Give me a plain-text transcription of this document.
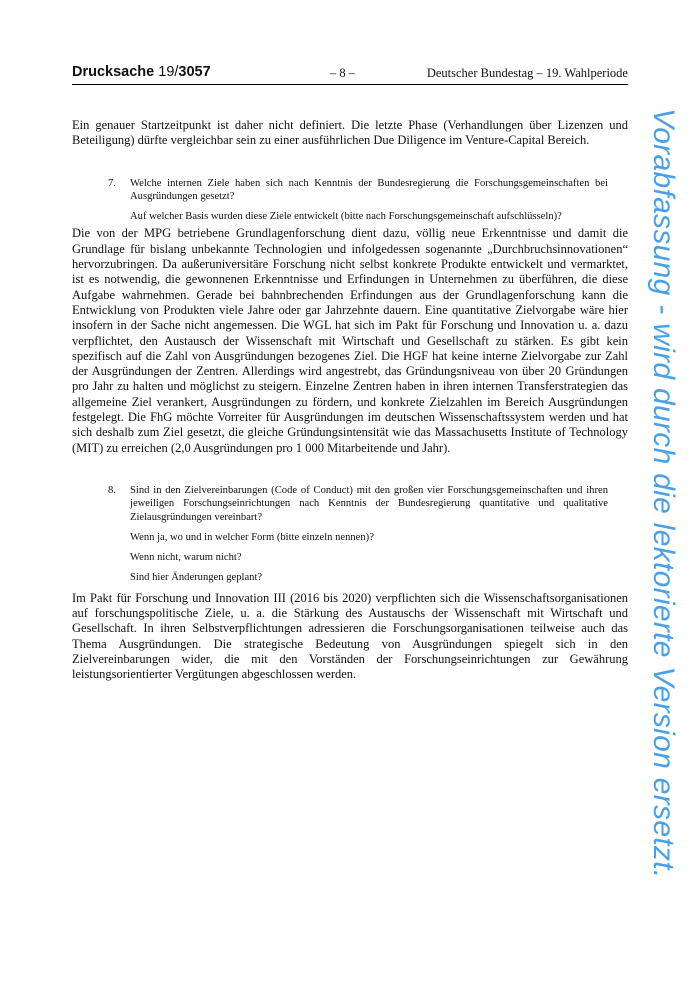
Drucksache 19/3057	– 8 –	Deutscher Bundestag – 19. Wahlperiode

Ein genauer Startzeitpunkt ist daher nicht definiert. Die letzte Phase (Verhandlungen über Lizenzen und Beteiligung) dürfte vergleichbar sein zu einer ausführlichen Due Diligence im Venture-Capital Bereich.

7.	Welche internen Ziele haben sich nach Kenntnis der Bundesregierung die Forschungsgemeinschaften bei Ausgründungen gesetzt?
Auf welcher Basis wurden diese Ziele entwickelt (bitte nach Forschungsgemeinschaft aufschlüsseln)?

Die von der MPG betriebene Grundlagenforschung dient dazu, völlig neue Erkenntnisse und damit die Grundlage für bislang unbekannte Technologien und infolgedessen sogenannte „Durchbruchsinnovationen“ hervorzubringen. Da außeruniversitäre Forschung nicht selbst konkrete Produkte entwickelt und vermarktet, ist es notwendig, die gewonnenen Erkenntnisse und Erfindungen in Unternehmen zu überführen, die diese Aufgabe wahrnehmen. Gerade bei bahnbrechenden Erfindungen aus der Grundlagenforschung kann die Entwicklung von Produkten viele Jahre oder gar Jahrzehnte dauern. Eine quantitative Zielvorgabe wäre hier insofern in der Sache nicht angemessen. Die WGL hat sich im Pakt für Forschung und Innovation u. a. dazu verpflichtet, den Austausch der Wissenschaft mit Wirtschaft und Gesellschaft zu stärken. Es gibt kein spezifisch auf die Zahl von Ausgründungen bezogenes Ziel. Die HGF hat keine interne Zielvorgabe zur Zahl der Ausgründungen der Zentren. Allerdings wird angestrebt, das Gründungsniveau von über 20 Gründungen pro Jahr zu halten und möglichst zu steigern. Einzelne Zentren haben in ihren internen Transferstrategien das allgemeine Ziel verankert, Ausgründungen zu fördern, und konkrete Zielzahlen im Bereich Ausgründungen festgelegt. Die FhG möchte Vorreiter für Ausgründungen im deutschen Wissenschaftssystem werden und hat sich deshalb zum Ziel gesetzt, die gleiche Gründungsintensität wie das Massachusetts Institute of Technology (MIT) zu erreichen (2,0 Ausgründungen pro 1 000 Mitarbeitende und Jahr).

8.	Sind in den Zielvereinbarungen (Code of Conduct) mit den großen vier Forschungsgemeinschaften und ihren jeweiligen Forschungseinrichtungen nach Kenntnis der Bundesregierung quantitative und qualitative Zielausgründungen vereinbart?
Wenn ja, wo und in welcher Form (bitte einzeln nennen)?
Wenn nicht, warum nicht?
Sind hier Änderungen geplant?

Im Pakt für Forschung und Innovation III (2016 bis 2020) verpflichten sich die Wissenschaftsorganisationen auf forschungspolitische Ziele, u. a. die Stärkung des Austauschs der Wissenschaft mit Wirtschaft und Gesellschaft. In ihren Selbstverpflichtungen adressieren die Forschungsorganisationen teilweise auch das Thema Ausgründungen. Die strategische Bedeutung von Ausgründungen spiegelt sich in den Zielvereinbarungen wider, die mit den Vorständen der Forschungseinrichtungen zur Gewährung leistungsorientierter Vergütungen abgeschlossen werden.	Vorabfassung - wird durch die lektorierte Version ersetzt.
